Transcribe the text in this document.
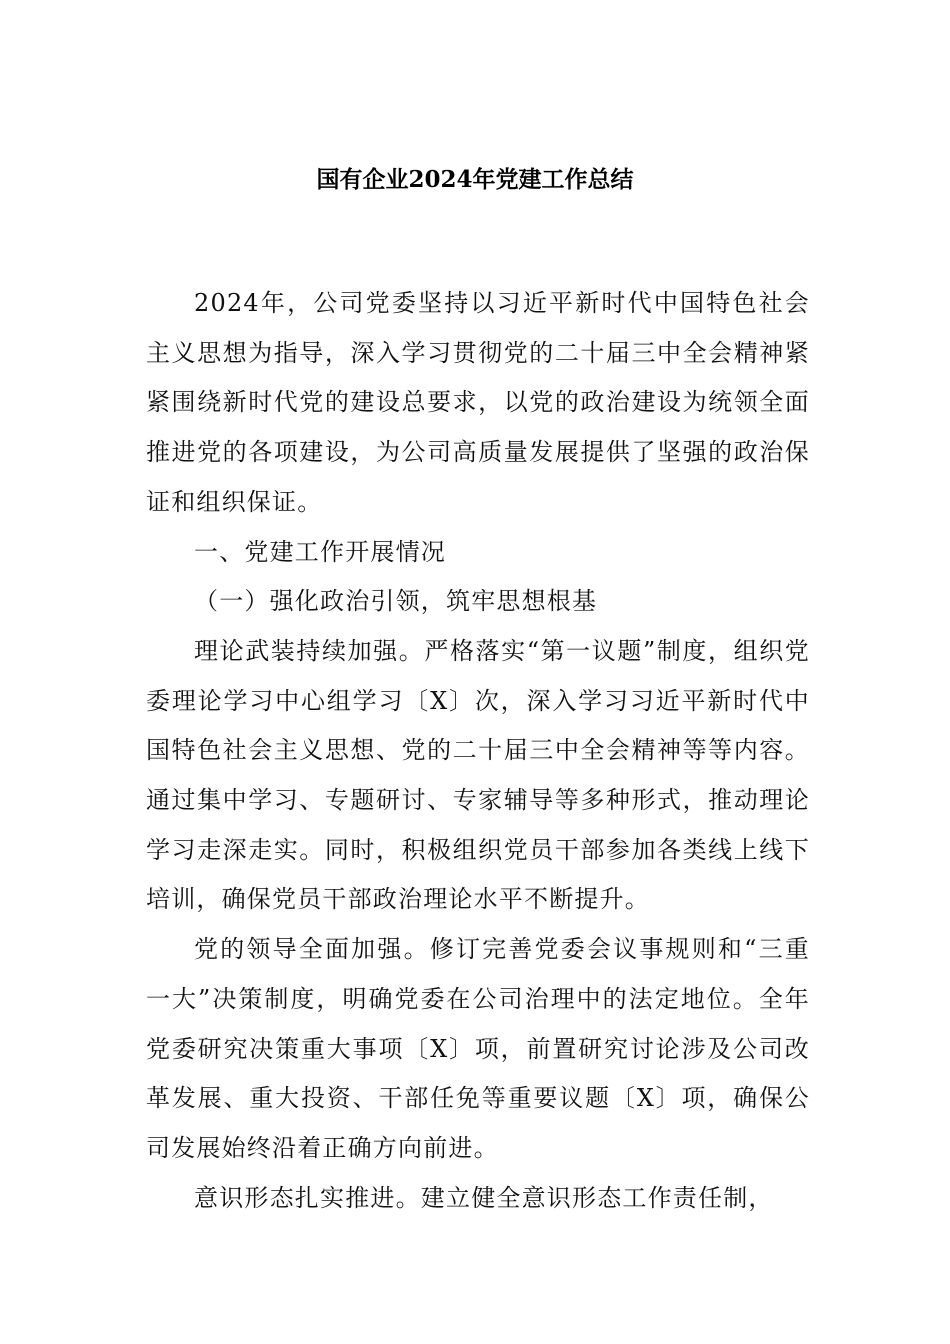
国有企业2024年党建工作总结

2024年，公司党委坚持以习近平新时代中国特色社会主义思想为指导，深入学习贯彻党的二十届三中全会精神紧紧围绕新时代党的建设总要求，以党的政治建设为统领全面推进党的各项建设，为公司高质量发展提供了坚强的政治保证和组织保证。

一、党建工作开展情况

（一）强化政治引领，筑牢思想根基

理论武装持续加强。严格落实“第一议题”制度，组织党委理论学习中心组学习〔X〕次，深入学习习近平新时代中国特色社会主义思想、党的二十届三中全会精神等等内容。通过集中学习、专题研讨、专家辅导等多种形式，推动理论学习走深走实。同时，积极组织党员干部参加各类线上线下培训，确保党员干部政治理论水平不断提升。

党的领导全面加强。修订完善党委会议事规则和“三重一大”决策制度，明确党委在公司治理中的法定地位。全年党委研究决策重大事项〔X〕项，前置研究讨论涉及公司改革发展、重大投资、干部任免等重要议题〔X〕项，确保公司发展始终沿着正确方向前进。

意识形态扎实推进。建立健全意识形态工作责任制，
